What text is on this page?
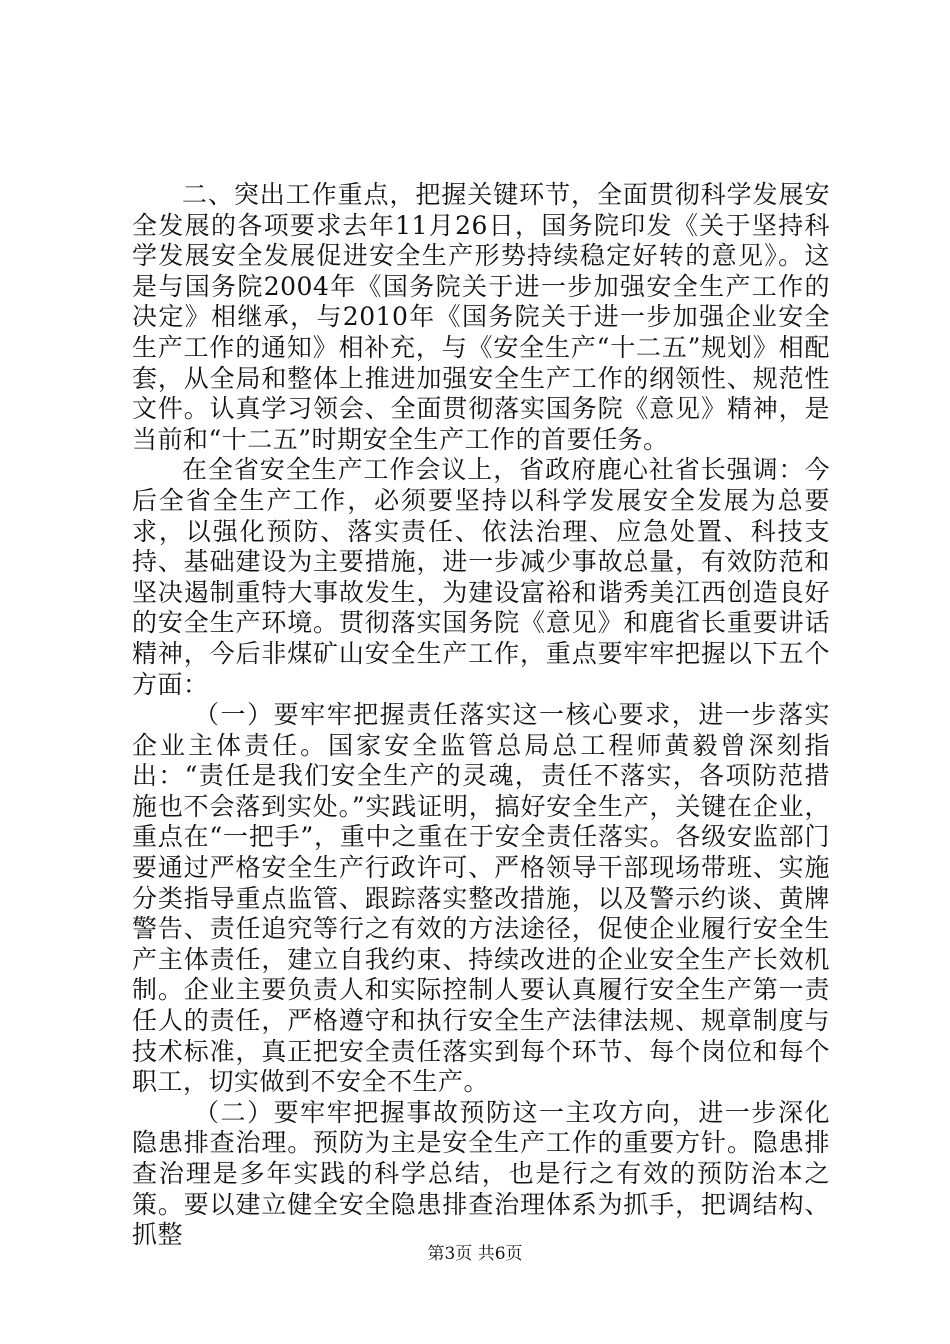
二、突出工作重点，把握关键环节，全面贯彻科学发展安全发展的各项要求去年11月26日，国务院印发《关于坚持科学发展安全发展促进安全生产形势持续稳定好转的意见》。这是与国务院2004年《国务院关于进一步加强安全生产工作的决定》相继承，与2010年《国务院关于进一步加强企业安全生产工作的通知》相补充，与《安全生产“十二五”规划》相配套，从全局和整体上推进加强安全生产工作的纲领性、规范性文件。认真学习领会、全面贯彻落实国务院《意见》精神，是当前和“十二五”时期安全生产工作的首要任务。

在全省安全生产工作会议上，省政府鹿心社省长强调：今后全省全生产工作，必须要坚持以科学发展安全发展为总要求，以强化预防、落实责任、依法治理、应急处置、科技支持、基础建设为主要措施，进一步减少事故总量，有效防范和坚决遏制重特大事故发生，为建设富裕和谐秀美江西创造良好的安全生产环境。贯彻落实国务院《意见》和鹿省长重要讲话精神，今后非煤矿山安全生产工作，重点要牢牢把握以下五个方面：

（一）要牢牢把握责任落实这一核心要求，进一步落实企业主体责任。国家安全监管总局总工程师黄毅曾深刻指出：“责任是我们安全生产的灵魂，责任不落实，各项防范措施也不会落到实处。”实践证明，搞好安全生产，关键在企业，重点在“一把手”，重中之重在于安全责任落实。各级安监部门要通过严格安全生产行政许可、严格领导干部现场带班、实施分类指导重点监管、跟踪落实整改措施，以及警示约谈、黄牌警告、责任追究等行之有效的方法途径，促使企业履行安全生产主体责任，建立自我约束、持续改进的企业安全生产长效机制。企业主要负责人和实际控制人要认真履行安全生产第一责任人的责任，严格遵守和执行安全生产法律法规、规章制度与技术标准，真正把安全责任落实到每个环节、每个岗位和每个职工，切实做到不安全不生产。

（二）要牢牢把握事故预防这一主攻方向，进一步深化隐患排查治理。预防为主是安全生产工作的重要方针。隐患排查治理是多年实践的科学总结，也是行之有效的预防治本之策。要以建立健全安全隐患排查治理体系为抓手，把调结构、抓整

第3页 共6页
